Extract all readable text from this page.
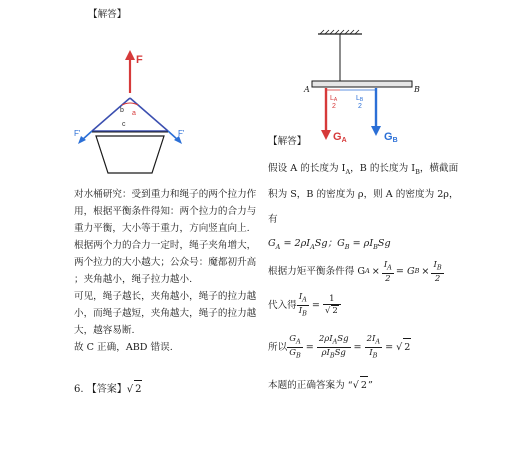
【解答】
F
F'	F'
b a
c
对水桶研究：受到重力和绳子的两个拉力作
用，根据平衡条件得知：两个拉力的合力与
重力平衡，大小等于重力，方向竖直向上.
根据两个力的合力一定时，绳子夹角增大，
两个拉力的大小越大；公众号：魔都初升高
；夹角越小，绳子拉力越小.
可见，绳子越长，夹角越小，绳子的拉力越
小，而绳子越短，夹角越大，绳子的拉力越
大，越容易断.
故 C 正确，ABD 错误.
6. 【答案】√ 2
A	B
LA
2
LB
2
GA	GB
【解答】
假设 A 的长度为 $I_A$，B 的长度为 $I_B$，横截面
积为 S，B 的密度为 ρ，则 A 的密度为 2ρ，
有
$G_A = 2\rho I_ASg$；$G_B = \rho I_BSg$
根据力矩平衡条件得 G $A \times \frac{I_A}{2} = G$ $B \times \frac{I_B}{2}$
代入得 $\frac{I_A}{I_B} = \frac{1}{√ 2}$
所以 $\frac{G_A}{G_B} = \frac{2\rho I_ASg}{\rho I_BSg} = \frac{2I_A}{I_B}$ = √ 2
本题的正确答案为 “√ 2”
